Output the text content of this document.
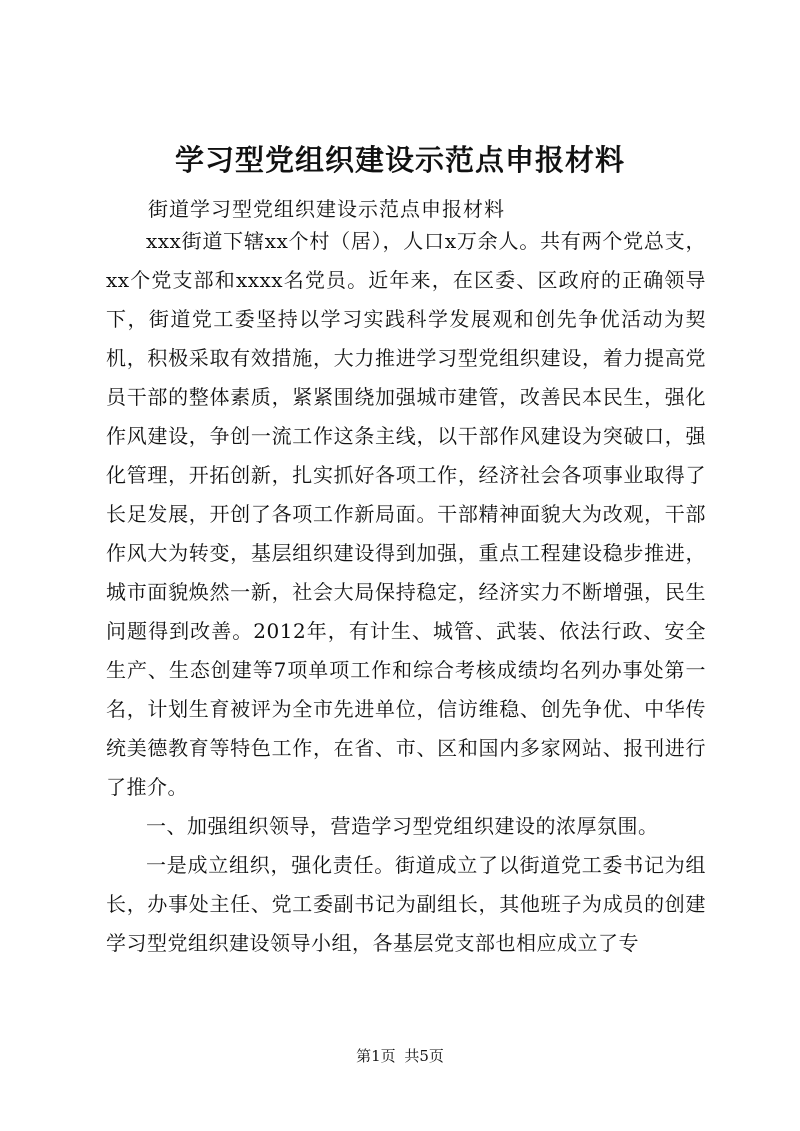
学习型党组织建设示范点申报材料
街道学习型党组织建设示范点申报材料

xxx街道下辖xx个村（居），人口x万余人。共有两个党总支，xx个党支部和xxxx名党员。近年来，在区委、区政府的正确领导下，街道党工委坚持以学习实践科学发展观和创先争优活动为契机，积极采取有效措施，大力推进学习型党组织建设，着力提高党员干部的整体素质，紧紧围绕加强城市建管，改善民本民生，强化作风建设，争创一流工作这条主线，以干部作风建设为突破口，强化管理，开拓创新，扎实抓好各项工作，经济社会各项事业取得了长足发展，开创了各项工作新局面。干部精神面貌大为改观，干部作风大为转变，基层组织建设得到加强，重点工程建设稳步推进，城市面貌焕然一新，社会大局保持稳定，经济实力不断增强，民生问题得到改善。2012年，有计生、城管、武装、依法行政、安全生产、生态创建等7项单项工作和综合考核成绩均名列办事处第一名，计划生育被评为全市先进单位，信访维稳、创先争优、中华传统美德教育等特色工作，在省、市、区和国内多家网站、报刊进行了推介。

一、加强组织领导，营造学习型党组织建设的浓厚氛围。

一是成立组织，强化责任。街道成立了以街道党工委书记为组长，办事处主任、党工委副书记为副组长，其他班子为成员的创建学习型党组织建设领导小组，各基层党支部也相应成立了专

第1页 共5页
